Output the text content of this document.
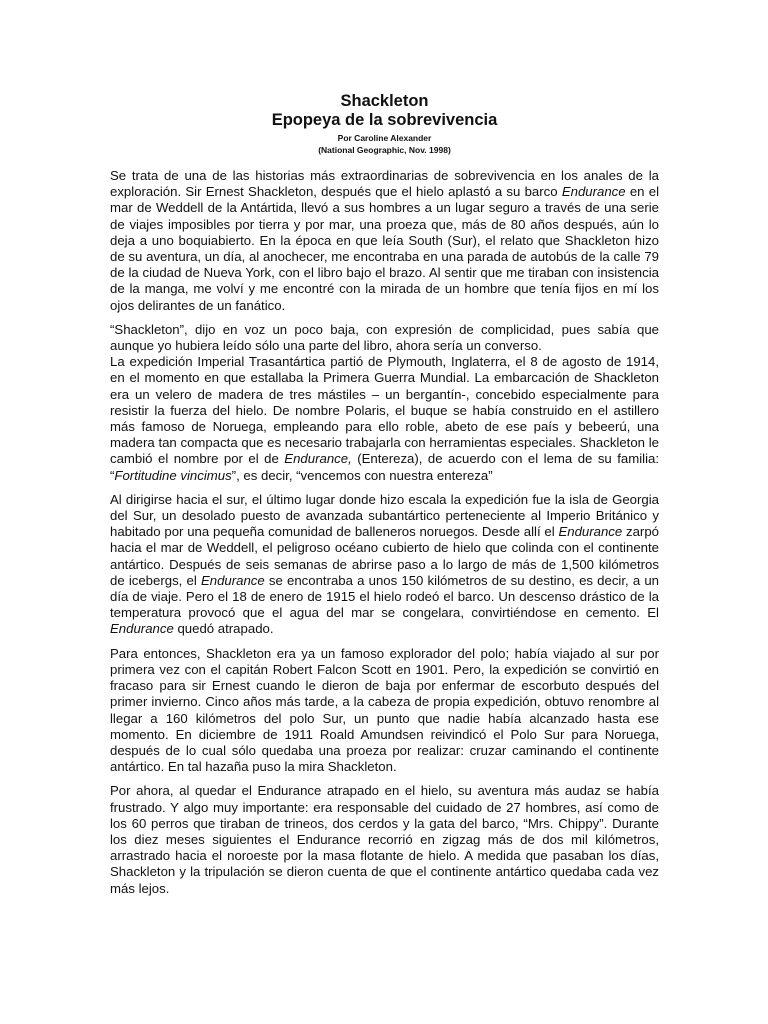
Shackleton
Epopeya de la sobrevivencia

Por Caroline Alexander

(National Geographic, Nov. 1998)

Se trata de una de las historias más extraordinarias de sobrevivencia en los anales de la exploración. Sir Ernest Shackleton, después que el hielo aplastó a su barco Endurance en el mar de Weddell de la Antártida, llevó a sus hombres a un lugar seguro a través de una serie de viajes imposibles por tierra y por mar, una proeza que, más de 80 años después, aún lo deja a uno boquiabierto. En la época en que leía South (Sur), el relato que Shackleton hizo de su aventura, un día, al anochecer, me encontraba en una parada de autobús de la calle 79 de la ciudad de Nueva York, con el libro bajo el brazo. Al sentir que me tiraban con insistencia de la manga, me volví y me encontré con la mirada de un hombre que tenía fijos en mí los ojos delirantes de un fanático.

“Shackleton”, dijo en voz un poco baja, con expresión de complicidad, pues sabía que aunque yo hubiera leído sólo una parte del libro, ahora sería un converso.

La expedición Imperial Trasantártica partió de Plymouth, Inglaterra, el 8 de agosto de 1914, en el momento en que estallaba la Primera Guerra Mundial. La embarcación de Shackleton era un velero de madera de tres mástiles – un bergantín-, concebido especialmente para resistir la fuerza del hielo. De nombre Polaris, el buque se había construido en el astillero más famoso de Noruega, empleando para ello roble, abeto de ese país y bebeerú, una madera tan compacta que es necesario trabajarla con herramientas especiales. Shackleton le cambió el nombre por el de Endurance, (Entereza), de acuerdo con el lema de su familia: “Fortitudine vincimus”, es decir, “vencemos con nuestra entereza”

Al dirigirse hacia el sur, el último lugar donde hizo escala la expedición fue la isla de Georgia del Sur, un desolado puesto de avanzada subantártico perteneciente al Imperio Británico y habitado por una pequeña comunidad de balleneros noruegos. Desde allí el Endurance zarpó hacia el mar de Weddell, el peligroso océano cubierto de hielo que colinda con el continente antártico. Después de seis semanas de abrirse paso a lo largo de más de 1,500 kilómetros de icebergs, el Endurance se encontraba a unos 150 kilómetros de su destino, es decir, a un día de viaje. Pero el 18 de enero de 1915 el hielo rodeó el barco. Un descenso drástico de la temperatura provocó que el agua del mar se congelara, convirtiéndose en cemento. El Endurance quedó atrapado.

Para entonces, Shackleton era ya un famoso explorador del polo; había viajado al sur por primera vez con el capitán Robert Falcon Scott en 1901. Pero, la expedición se convirtió en fracaso para sir Ernest cuando le dieron de baja por enfermar de escorbuto después del primer invierno. Cinco años más tarde, a la cabeza de propia expedición, obtuvo renombre al llegar a 160 kilómetros del polo Sur, un punto que nadie había alcanzado hasta ese momento. En diciembre de 1911 Roald Amundsen reivindicó el Polo Sur para Noruega, después de lo cual sólo quedaba una proeza por realizar: cruzar caminando el continente antártico. En tal hazaña puso la mira Shackleton.

Por ahora, al quedar el Endurance atrapado en el hielo, su aventura más audaz se había frustrado. Y algo muy importante: era responsable del cuidado de 27 hombres, así como de los 60 perros que tiraban de trineos, dos cerdos y la gata del barco, “Mrs. Chippy”. Durante los diez meses siguientes el Endurance recorrió en zigzag más de dos mil kilómetros, arrastrado hacia el noroeste por la masa flotante de hielo. A medida que pasaban los días, Shackleton y la tripulación se dieron cuenta de que el continente antártico quedaba cada vez más lejos.
